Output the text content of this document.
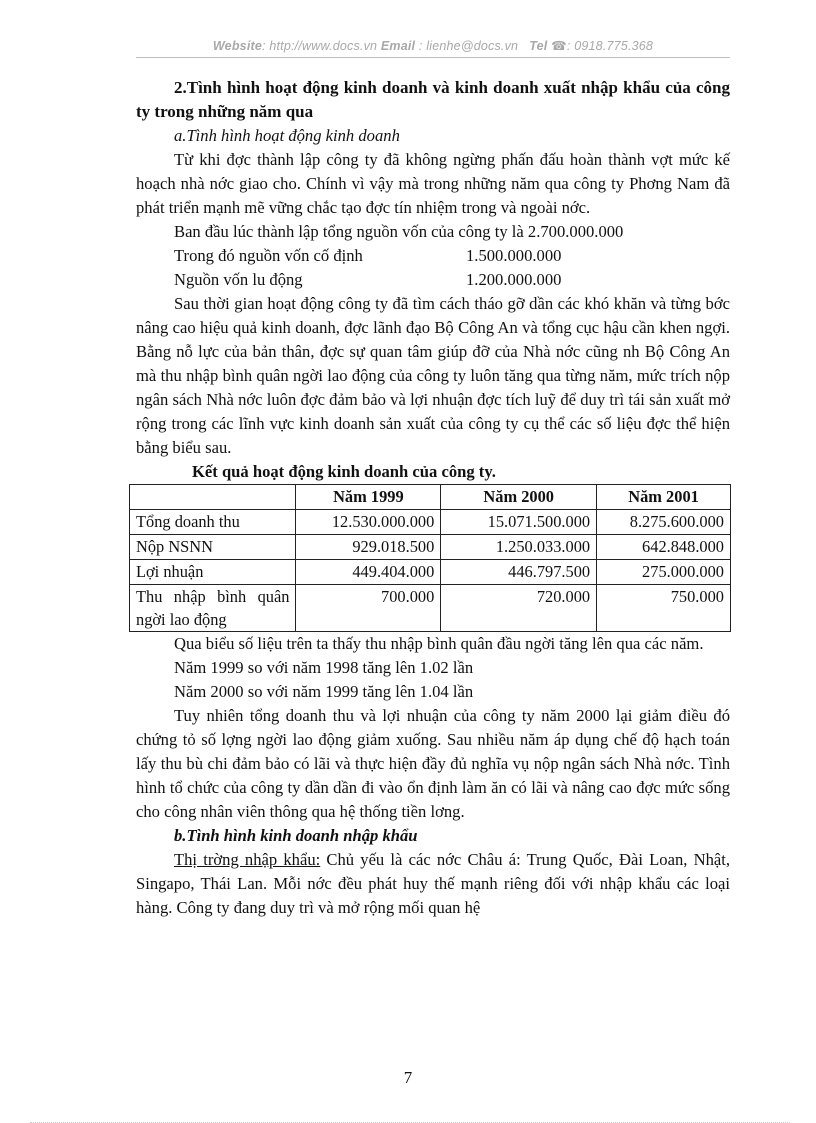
Website: http://www.docs.vn Email : lienhe@docs.vn Tel ☎: 0918.775.368

2.Tình hình hoạt động kinh doanh và kinh doanh xuất nhập khẩu của công ty trong những năm qua

a.Tình hình hoạt động kinh doanh

Từ khi đợc thành lập công ty đã không ngừng phấn đấu hoàn thành vợt mức kế hoạch nhà nớc giao cho. Chính vì vậy mà trong những năm qua công ty Phơng Nam đã phát triển mạnh mẽ vững chắc tạo đợc tín nhiệm trong và ngoài nớc.

Ban đầu lúc thành lập tổng nguồn vốn của công ty là 2.700.000.000

Trong đó nguồn vốn cố định	1.500.000.000
Nguồn vốn lu động	1.200.000.000

Sau thời gian hoạt động công ty đã tìm cách tháo gỡ dần các khó khăn và từng bớc nâng cao hiệu quả kinh doanh, đợc lãnh đạo Bộ Công An và tổng cục hậu cần khen ngợi. Bằng nỗ lực của bản thân, đợc sự quan tâm giúp đỡ của Nhà nớc cũng nh Bộ Công An mà thu nhập bình quân ngời lao động của công ty luôn tăng qua từng năm, mức trích nộp ngân sách Nhà nớc luôn đợc đảm bảo và lợi nhuận đợc tích luỹ để duy trì tái sản xuất mở rộng trong các lĩnh vực kinh doanh sản xuất của công ty cụ thể các số liệu đợc thể hiện bằng biểu sau.

Kết quả hoạt động kinh doanh của công ty.

	Năm 1999	Năm 2000	Năm 2001
Tổng doanh thu	12.530.000.000	15.071.500.000	8.275.600.000
Nộp NSNN	929.018.500	1.250.033.000	642.848.000
Lợi nhuận	449.404.000	446.797.500	275.000.000
Thu nhập bình quân ngời lao động	700.000	720.000	750.000

Qua biểu số liệu trên ta thấy thu nhập bình quân đầu ngời tăng lên qua các năm.

Năm 1999 so với năm 1998 tăng lên 1.02 lần

Năm 2000 so với năm 1999 tăng lên 1.04 lần

Tuy nhiên tổng doanh thu và lợi nhuận của công ty năm 2000 lại giảm điều đó chứng tỏ số lợng ngời lao động giảm xuống. Sau nhiều năm áp dụng chế độ hạch toán lấy thu bù chi đảm bảo có lãi và thực hiện đầy đủ nghĩa vụ nộp ngân sách Nhà nớc. Tình hình tổ chức của công ty dần dần đi vào ổn định làm ăn có lãi và nâng cao đợc mức sống cho công nhân viên thông qua hệ thống tiền lơng.

b.Tình hình kinh doanh nhập khẩu

Thị trờng nhập khẩu: Chủ yếu là các nớc Châu á: Trung Quốc, Đài Loan, Nhật, Singapo, Thái Lan. Mỗi nớc đều phát huy thế mạnh riêng đối với nhập khẩu các loại hàng. Công ty đang duy trì và mở rộng mối quan hệ

7
